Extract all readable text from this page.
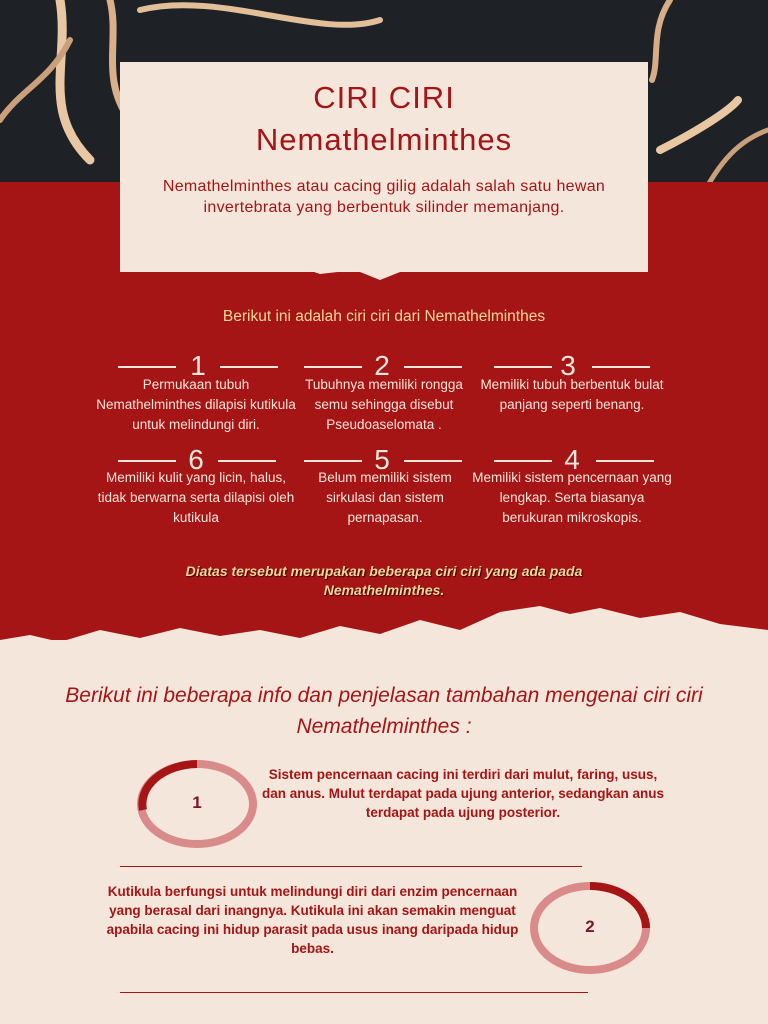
CIRI CIRI
Nemathelminthes
Nemathelminthes atau cacing gilig adalah salah satu hewan invertebrata yang berbentuk silinder memanjang.
Berikut ini adalah ciri ciri dari Nemathelminthes
1
Permukaan tubuh Nemathelminthes dilapisi kutikula untuk melindungi diri.
2
Tubuhnya memiliki rongga semu sehingga disebut Pseudoaselomata .
3
Memiliki tubuh berbentuk bulat panjang seperti benang.
6
Memiliki kulit yang licin, halus, tidak berwarna serta dilapisi oleh kutikula
5
Belum memiliki sistem sirkulasi dan sistem pernapasan.
4
Memiliki sistem pencernaan yang lengkap. Serta biasanya berukuran mikroskopis.
Diatas tersebut merupakan beberapa ciri ciri yang ada pada Nemathelminthes.
Berikut ini beberapa info dan penjelasan tambahan mengenai ciri ciri Nemathelminthes :
1
Sistem pencernaan cacing ini terdiri dari mulut, faring, usus, dan anus. Mulut terdapat pada ujung anterior, sedangkan anus terdapat pada ujung posterior.
Kutikula berfungsi untuk melindungi diri dari enzim pencernaan yang berasal dari inangnya. Kutikula ini akan semakin menguat apabila cacing ini hidup parasit pada usus inang daripada hidup bebas.
2
